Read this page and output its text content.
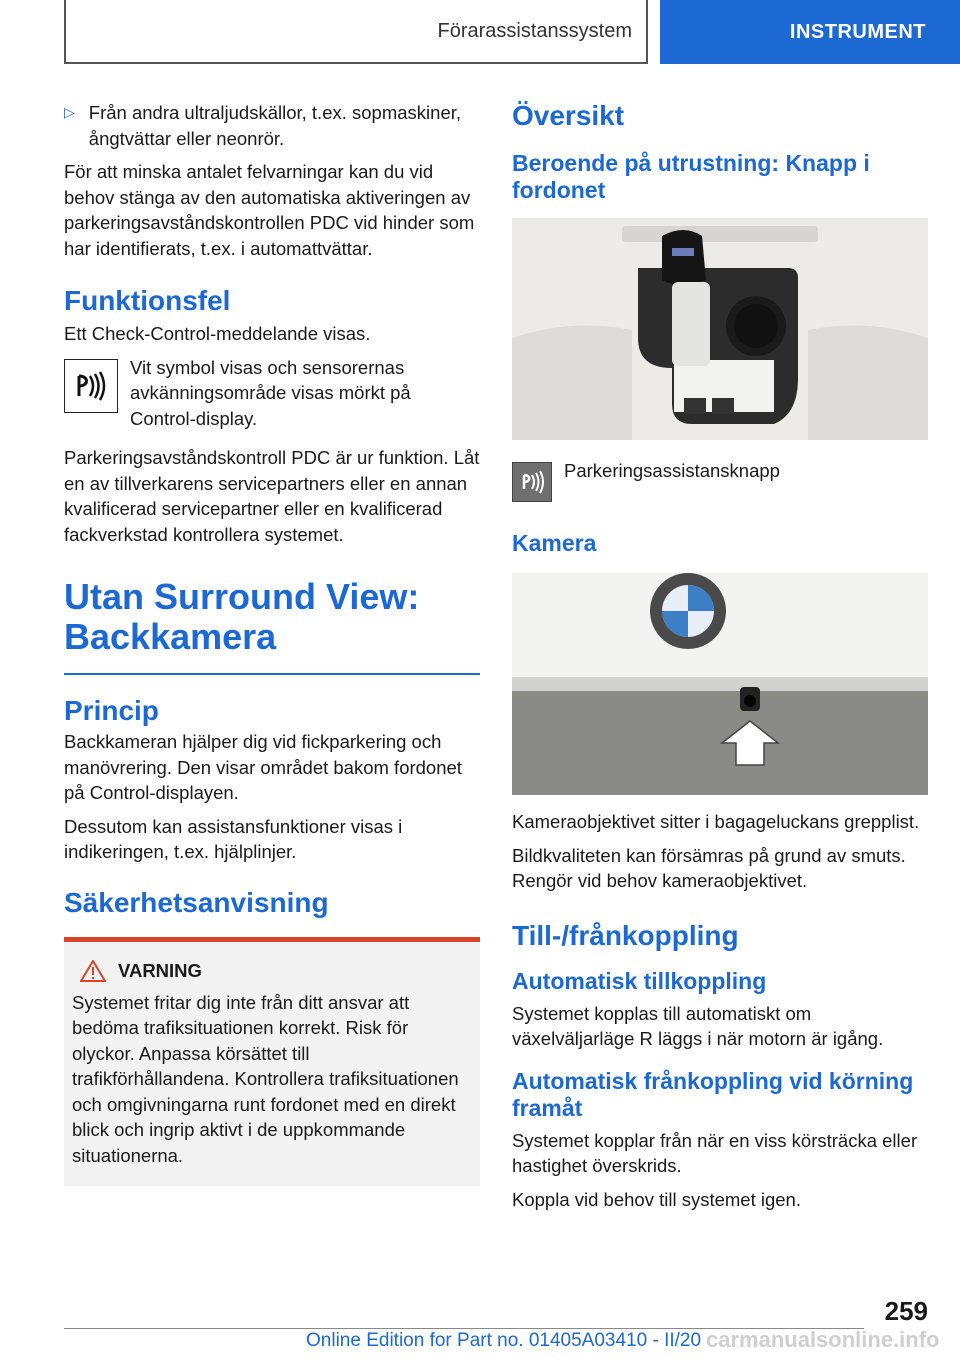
Förarassistanssystem	INSTRUMENT
▷ Från andra ultraljudskällor, t.ex. sopmaskiner, ångtvättar eller neonrör.

För att minska antalet felvarningar kan du vid behov stänga av den automatiska aktiveringen av parkeringsavståndskontrollen PDC vid hinder som har identifierats, t.ex. i automattvättar.

Funktionsfel

Ett Check-Control-meddelande visas.

Vit symbol visas och sensorernas avkänningsområde visas mörkt på Control-display.

Parkeringsavståndskontroll PDC är ur funktion. Låt en av tillverkarens servicepartners eller en annan kvalificerad servicepartner eller en kvalificerad fackverkstad kontrollera systemet.

Utan Surround View: Backkamera
Princip

Backkameran hjälper dig vid fickparkering och manövrering. Den visar området bakom fordonet på Control-displayen.

Dessutom kan assistansfunktioner visas i indikeringen, t.ex. hjälplinjer.

Säkerhetsanvisning
VARNING

Systemet fritar dig inte från ditt ansvar att bedöma trafiksituationen korrekt. Risk för olyckor. Anpassa körsättet till trafikförhållandena. Kontrollera trafiksituationen och omgivningarna runt fordonet med en direkt blick och ingrip aktivt i de uppkommande situationerna.

Översikt
Beroende på utrustning: Knapp i fordonet

Parkeringsassistansknapp

Kamera

Kameraobjektivet sitter i bagageluckans grepplist.

Bildkvaliteten kan försämras på grund av smuts. Rengör vid behov kameraobjektivet.

Till-/frånkoppling
Automatisk tillkoppling

Systemet kopplas till automatiskt om växelväljarläge R läggs i när motorn är igång.

Automatisk frånkoppling vid körning framåt

Systemet kopplar från när en viss körsträcka eller hastighet överskrids.

Koppla vid behov till systemet igen.

259
Online Edition for Part no. 01405A03410 - II/20 carmanualsonline.info
